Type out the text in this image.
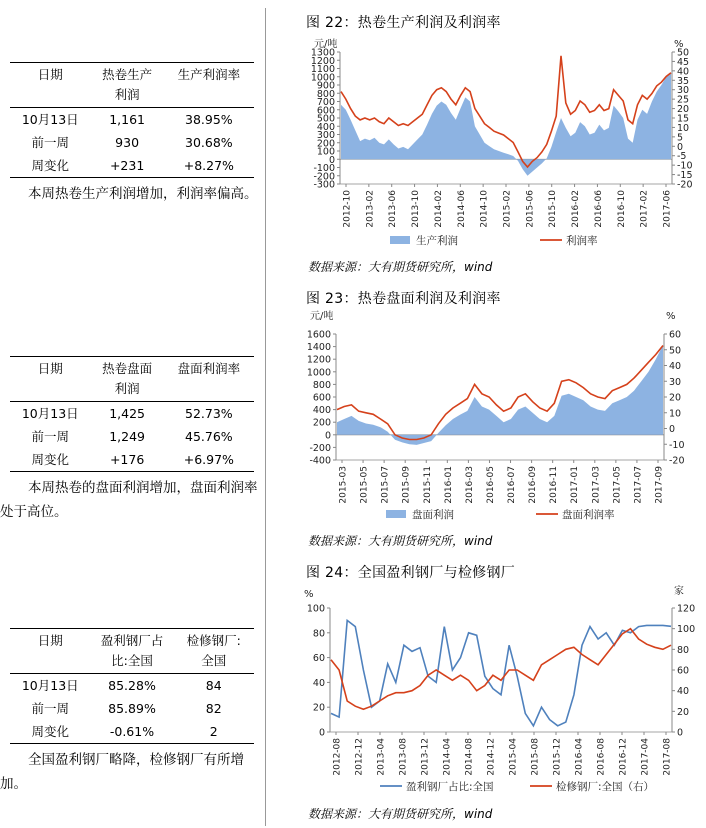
日期	热卷生产利润	生产利润率
10月13日	1,161	38.95%
前一周	930	30.68%
周变化	+231	+8.27%
本周热卷生产利润增加，利润率偏高。
日期	热卷盘面利润	盘面利润率
10月13日	1,425	52.73%
前一周	1,249	45.76%
周变化	+176	+6.97%
本周热卷的盘面利润增加，盘面利润率处于高位。
日期	盈利钢厂占比:全国	检修钢厂:全国
10月13日	85.28%	84
前一周	85.89%	82
周变化	-0.61%	2
全国盈利钢厂略降，检修钢厂有所增加。
图 22：热卷生产利润及利润率
-300
-200
-100
0
100
200
300
400
500
600
700
800
900
1000
1100
1200
1300
-20
-15
-10
-5
0
5
10
15
20
25
30
35
40
45
50
元/吨	%
2012-10 2013-02 2013-06 2013-10 2014-02 2014-06 2014-10 2015-02 2015-06 2015-10 2016-02 2016-06 2016-10 2017-02 2017-06
生产利润	利润率
数据来源：大有期货研究所，wind
图 23：热卷盘面利润及利润率
-400
-200
0
200
400
600
800
1000
1200
1400
1600
-20
-10
0
10
20
30
40
50
60
元/吨	%
2015-03 2015-05 2015-07 2015-09 2015-11 2016-01 2016-03 2016-05 2016-07 2016-09 2016-11 2017-01 2017-03 2017-05 2017-07 2017-09
盘面利润	盘面利润率
数据来源：大有期货研究所，wind
图 24：全国盈利钢厂与检修钢厂
0
20
40
60
80
100
0
20
40
60
80
100
120
%	家
2012-08 2012-12 2013-04 2013-08 2013-12 2014-04 2014-08 2014-12 2015-04 2015-08 2015-12 2016-04 2016-08 2016-12 2017-04 2017-08
盈利钢厂占比:全国	检修钢厂:全国（右）
数据来源：大有期货研究所，wind
